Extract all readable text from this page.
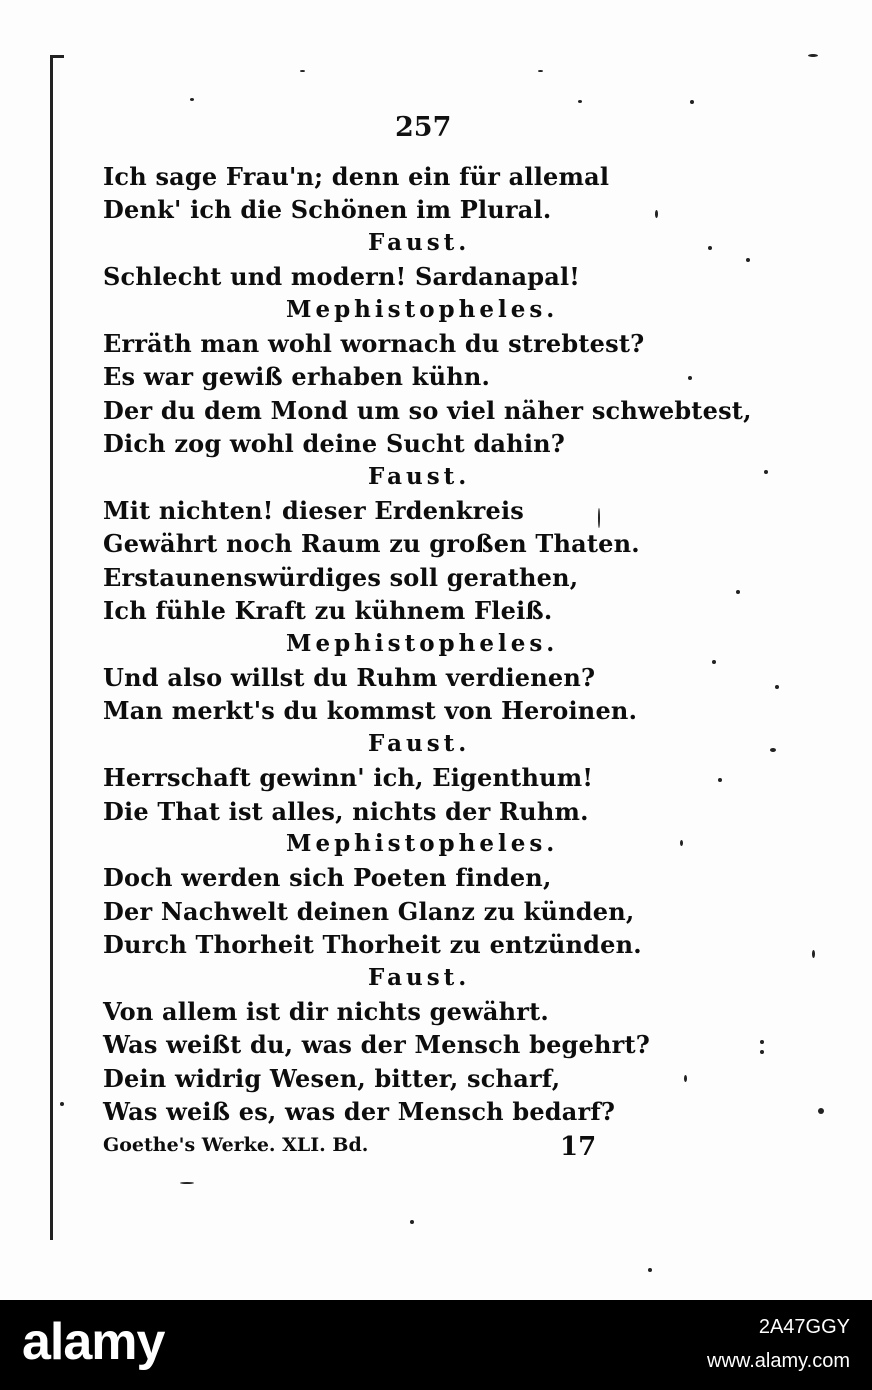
257
Ich sage Frau'n; denn ein für allemal
Denk' ich die Schönen im Plural.
Faust.
Schlecht und modern! Sardanapal!
Mephistopheles.
Erräth man wohl wornach du strebtest?
Es war gewiß erhaben kühn.
Der du dem Mond um so viel näher schwebtest,
Dich zog wohl deine Sucht dahin?
Faust.
Mit nichten! dieser Erdenkreis
Gewährt noch Raum zu großen Thaten.
Erstaunenswürdiges soll gerathen,
Ich fühle Kraft zu kühnem Fleiß.
Mephistopheles.
Und also willst du Ruhm verdienen?
Man merkt's du kommst von Heroinen.
Faust.
Herrschaft gewinn' ich, Eigenthum!
Die That ist alles, nichts der Ruhm.
Mephistopheles.
Doch werden sich Poeten finden,
Der Nachwelt deinen Glanz zu künden,
Durch Thorheit Thorheit zu entzünden.
Faust.
Von allem ist dir nichts gewährt.
Was weißt du, was der Mensch begehrt?
Dein widrig Wesen, bitter, scharf,
Was weiß es, was der Mensch bedarf?
Goethe's Werke. XLI. Bd.	17
alamy	2A47GGY
www.alamy.com
